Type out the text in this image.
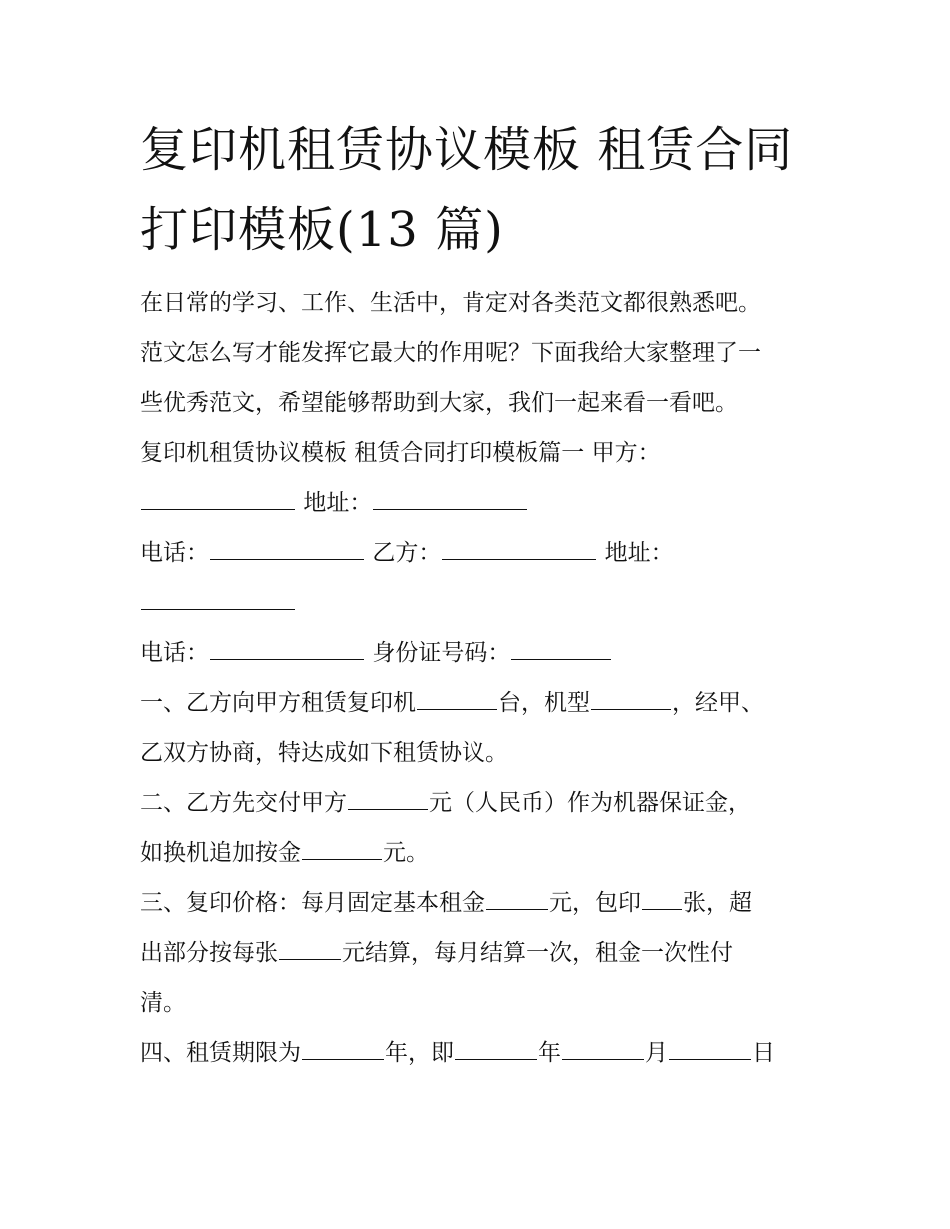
复印机租赁协议模板 租赁合同
打印模板(13 篇)
在日常的学习、工作、生活中，肯定对各类范文都很熟悉吧。
范文怎么写才能发挥它最大的作用呢？下面我给大家整理了一
些优秀范文，希望能够帮助到大家，我们一起来看一看吧。
复印机租赁协议模板 租赁合同打印模板篇一 甲方：
地址：
电话：	乙方：	地址：
电话：	身份证号码：
一、乙方向甲方租赁复印机	台，机型	，经甲、
乙双方协商，特达成如下租赁协议。
二、乙方先交付甲方	元（人民币）作为机器保证金，
如换机追加按金	元。
三、复印价格：每月固定基本租金	元，包印 张，超
出部分按每张	元结算，每月结算一次，租金一次性付
清。
四、租赁期限为	年，即	年	月	日
